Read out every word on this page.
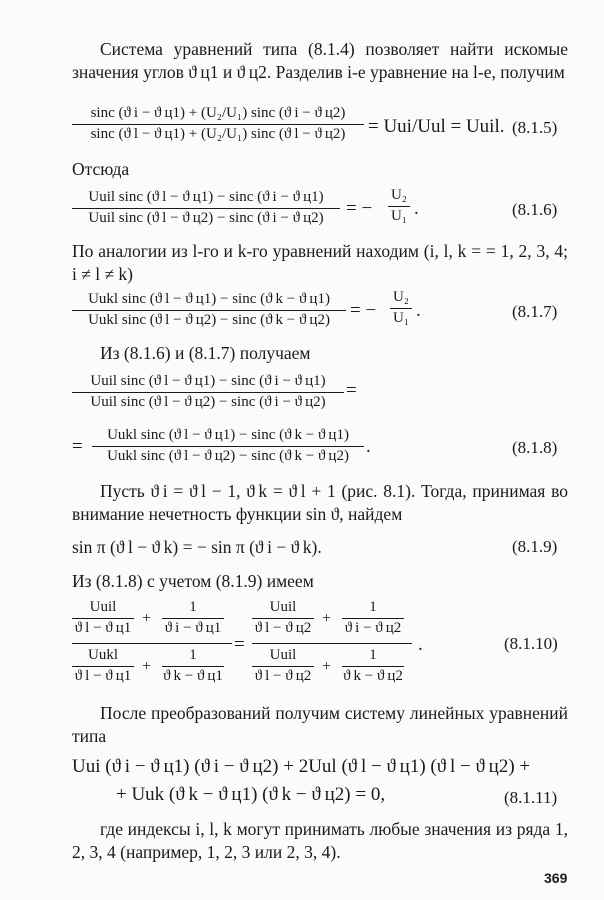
Система уравнений типа (8.1.4) позволяет найти искомые значения углов ϑ ц1 и ϑ ц2. Разделив i-е уравнение на l-е, получим
sinc (ϑ i − ϑ ц1) + (U₂/U₁) sinc (ϑ i − ϑ ц2)
sinc (ϑ l − ϑ ц1) + (U₂/U₁) sinc (ϑ l − ϑ ц2) = Uui/Uul = Uuil. (8.1.5)
Отсюда
Uuil sinc (ϑ l − ϑ ц1) − sinc (ϑ i − ϑ ц1)
Uuil sinc (ϑ l − ϑ ц2) − sinc (ϑ i − ϑ ц2) = −
U₂
U₁ .	(8.1.6)
По аналогии из l-го и k-го уравнений находим (i, l, k = = 1, 2, 3, 4; i ≠ l ≠ k)
Uukl sinc (ϑ l − ϑ ц1) − sinc (ϑ k − ϑ ц1)
Uukl sinc (ϑ l − ϑ ц2) − sinc (ϑ k − ϑ ц2) = −
U₂
U₁ .	(8.1.7)
Из (8.1.6) и (8.1.7) получаем
Uuil sinc (ϑ l − ϑ ц1) − sinc (ϑ i − ϑ ц1)
Uuil sinc (ϑ l − ϑ ц2) − sinc (ϑ i − ϑ ц2)
=
=
Uukl sinc (ϑ l − ϑ ц1) − sinc (ϑ k − ϑ ц1)
Uukl sinc (ϑ l − ϑ ц2) − sinc (ϑ k − ϑ ц2) .	(8.1.8)
Пусть ϑ i = ϑ l − 1, ϑ k = ϑ l + 1 (рис. 8.1). Тогда, принимая во внимание нечетность функции sin ϑ, найдем
sin π (ϑ l − ϑ k) = − sin π (ϑ i − ϑ k).	(8.1.9)
Из (8.1.8) с учетом (8.1.9) имеем
Uuil
ϑ l − ϑ ц1
+
1
ϑ i − ϑ ц1
Uukl
ϑ l − ϑ ц1
+
1
ϑ k − ϑ ц1
=
Uuil
ϑ l − ϑ ц2
+
1
ϑ i − ϑ ц2
Uuil
ϑ l − ϑ ц2
+
1
ϑ k − ϑ ц2
.	(8.1.10)
После преобразований получим систему линейных уравнений типа
Uui (ϑ i − ϑ ц1) (ϑ i − ϑ ц2) + 2Uul (ϑ l − ϑ ц1) (ϑ l − ϑ ц2) +
+ Uuk (ϑ k − ϑ ц1) (ϑ k − ϑ ц2) = 0,	(8.1.11)
где индексы i, l, k могут принимать любые значения из ряда 1, 2, 3, 4 (например, 1, 2, 3 или 2, 3, 4).
369
